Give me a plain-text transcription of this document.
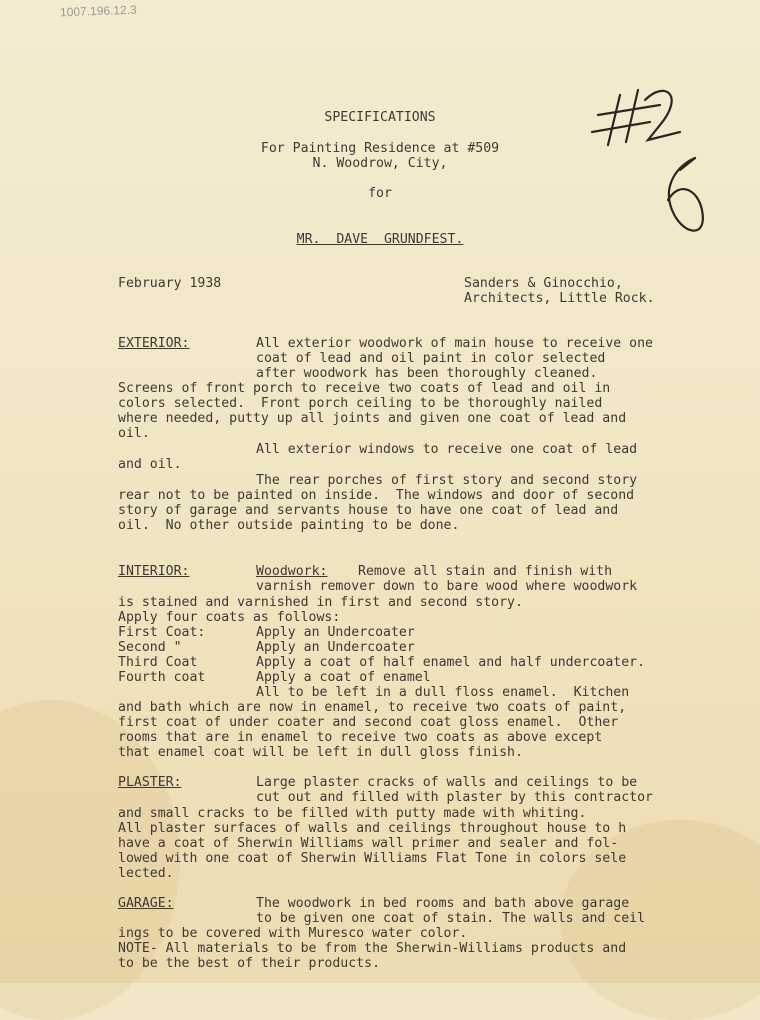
1007.196.12.3

SPECIFICATIONS

For Painting Residence at #509

N. Woodrow, City,

for

MR.  DAVE  GRUNDFEST.

February 1938	Sanders & Ginocchio,

Architects, Little Rock.

EXTERIOR:	All exterior woodwork of main house to receive one

coat of lead and oil paint in color selected

after woodwork has been thoroughly cleaned.

Screens of front porch to receive two coats of lead and oil in

colors selected.  Front porch ceiling to be thoroughly nailed

where needed, putty up all joints and given one coat of lead and

oil.

All exterior windows to receive one coat of lead

and oil.

The rear porches of first story and second story

rear not to be painted on inside.  The windows and door of second

story of garage and servants house to have one coat of lead and

oil.  No other outside painting to be done.

INTERIOR:	Woodwork: Remove all stain and finish with

varnish remover down to bare wood where woodwork

is stained and varnished in first and second story.

Apply four coats as follows:

First Coat:	Apply an Undercoater

Second "	Apply an Undercoater

Third Coat	Apply a coat of half enamel and half undercoater.

Fourth coat	Apply a coat of enamel

All to be left in a dull floss enamel.  Kitchen

and bath which are now in enamel, to receive two coats of paint,

first coat of under coater and second coat gloss enamel.  Other

rooms that are in enamel to receive two coats as above except

that enamel coat will be left in dull gloss finish.

PLASTER:	Large plaster cracks of walls and ceilings to be

cut out and filled with plaster by this contractor

and small cracks to be filled with putty made with whiting.

All plaster surfaces of walls and ceilings throughout house to h

have a coat of Sherwin Williams wall primer and sealer and fol-

lowed with one coat of Sherwin Williams Flat Tone in colors sele

lected.

GARAGE:	The woodwork in bed rooms and bath above garage

to be given one coat of stain. The walls and ceil

ings to be covered with Muresco water color.

NOTE- All materials to be from the Sherwin-Williams products and

to be the best of their products.
